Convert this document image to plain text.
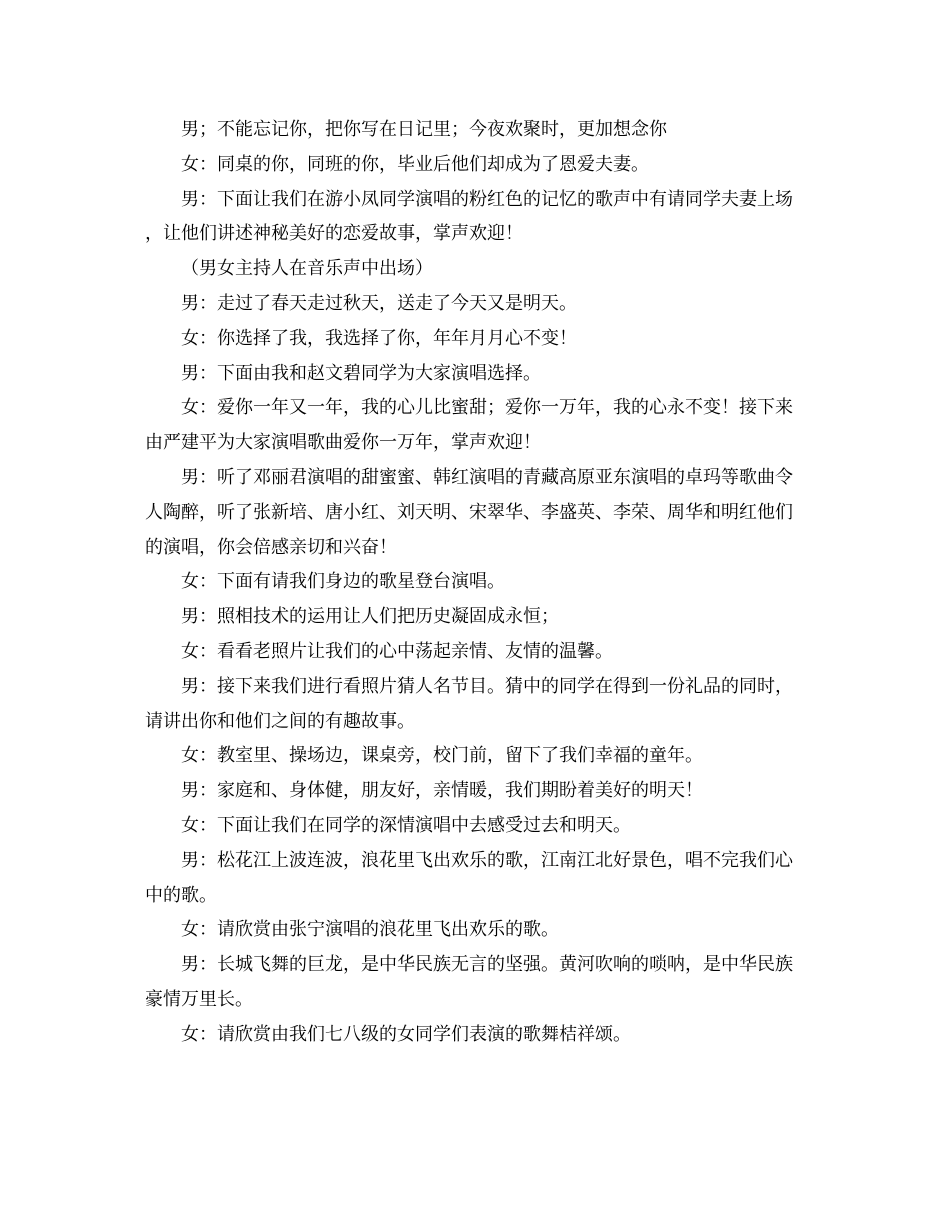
男；不能忘记你，把你写在日记里；今夜欢聚时，更加想念你

女：同桌的你，同班的你，毕业后他们却成为了恩爱夫妻。

男：下面让我们在游小凤同学演唱的粉红色的记忆的歌声中有请同学夫妻上场，让他们讲述神秘美好的恋爱故事，掌声欢迎！

（男女主持人在音乐声中出场）

男：走过了春天走过秋天，送走了今天又是明天。

女：你选择了我，我选择了你，年年月月心不变！

男：下面由我和赵文碧同学为大家演唱选择。

女：爱你一年又一年，我的心儿比蜜甜；爱你一万年，我的心永不变！接下来由严建平为大家演唱歌曲爱你一万年，掌声欢迎！

男：听了邓丽君演唱的甜蜜蜜、韩红演唱的青藏高原亚东演唱的卓玛等歌曲令人陶醉，听了张新培、唐小红、刘天明、宋翠华、李盛英、李荣、周华和明红他们的演唱，你会倍感亲切和兴奋！

女：下面有请我们身边的歌星登台演唱。

男：照相技术的运用让人们把历史凝固成永恒；

女：看看老照片让我们的心中荡起亲情、友情的温馨。

男：接下来我们进行看照片猜人名节目。猜中的同学在得到一份礼品的同时，请讲出你和他们之间的有趣故事。

女：教室里、操场边，课桌旁，校门前，留下了我们幸福的童年。

男：家庭和、身体健，朋友好，亲情暖，我们期盼着美好的明天！

女：下面让我们在同学的深情演唱中去感受过去和明天。

男：松花江上波连波，浪花里飞出欢乐的歌，江南江北好景色，唱不完我们心中的歌。

女：请欣赏由张宁演唱的浪花里飞出欢乐的歌。

男：长城飞舞的巨龙，是中华民族无言的坚强。黄河吹响的唢呐，是中华民族豪情万里长。

女：请欣赏由我们七八级的女同学们表演的歌舞桔祥颂。
